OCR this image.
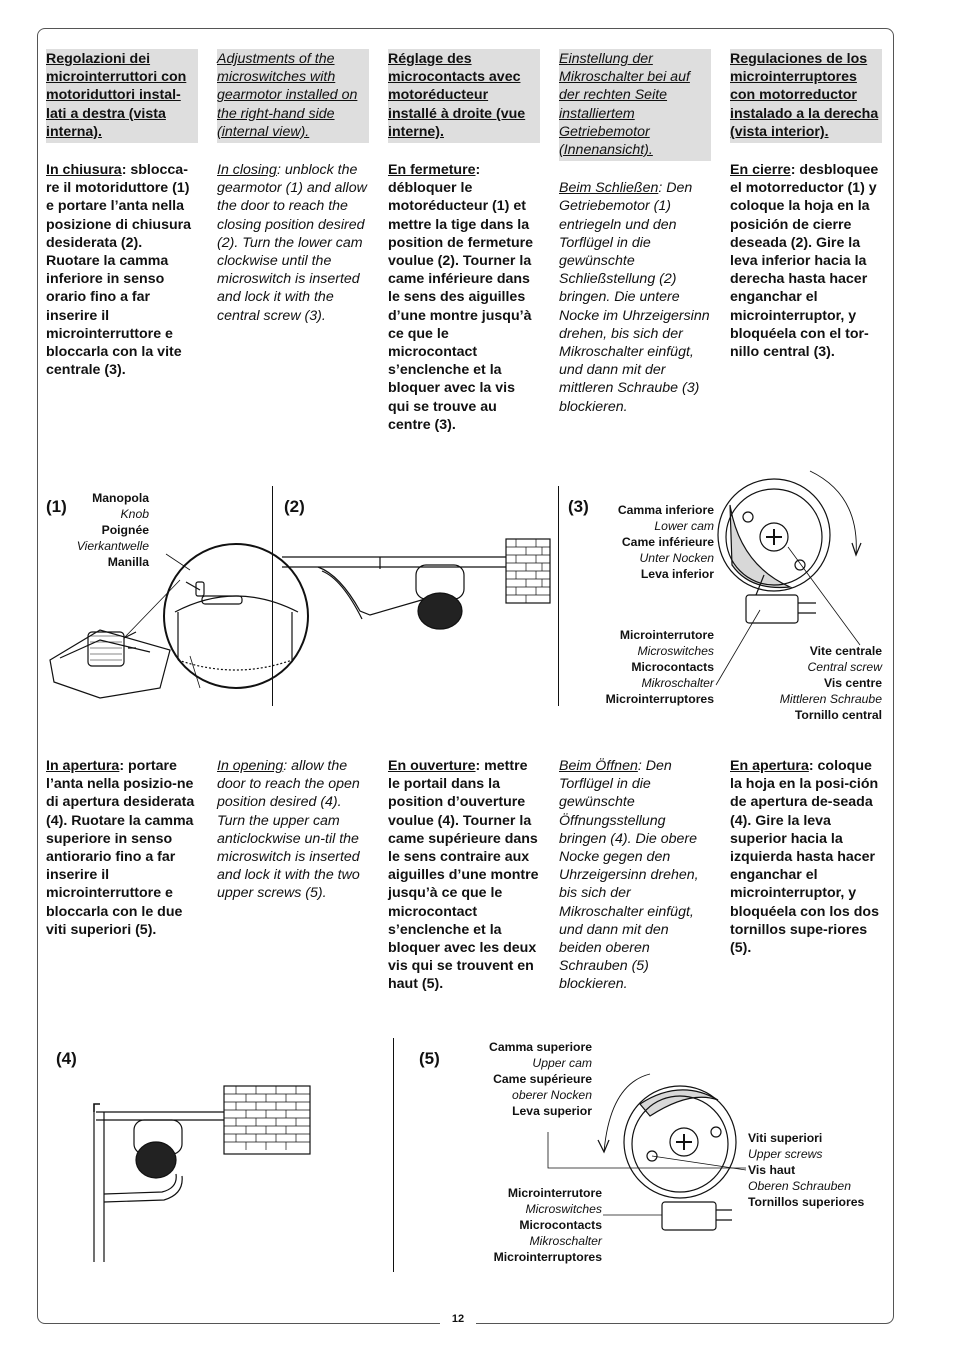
Regolazioni dei microinterruttori con motoriduttori instal-lati a destra (vista interna).

In chiusura: sblocca-re il motoriduttore (1) e portare l’anta nella posizione di chiusura desiderata (2). Ruotare la camma inferiore in senso orario fino a far inserire il microinterruttore e bloccarla con la vite centrale (3).

Adjustments of the microswitches with gearmotor installed on the right-hand side (internal view).

In closing: unblock the gearmotor (1) and allow the door to reach the closing position desired (2). Turn the lower cam clockwise until the microswitch is inserted and lock it with the central screw (3).

Réglage des microcontacts avec motoréducteur installé à droite (vue interne).

En fermeture: débloquer le motoréducteur (1) et mettre la tige dans la position de fermeture voulue (2). Tourner la came inférieure dans le sens des aiguilles d’une montre jusqu’à ce que le microcontact s’enclenche et la bloquer avec la vis qui se trouve au centre (3).

Einstellung der Mikroschalter bei auf der rechten Seite installiertem Getriebemotor (Innenansicht).

Beim Schließen: Den Getriebemotor (1) entriegeln und den Torflügel in die gewünschte Schließstellung (2) bringen. Die untere Nocke im Uhrzeigersinn drehen, bis sich der Mikroschalter einfügt, und dann mit der mittleren Schraube (3) blockieren.

Regulaciones de los microinterruptores con motorreductor instalado a la derecha (vista interior).

En cierre: desbloquee el motorreductor (1) y coloque la hoja en la posición de cierre deseada (2). Gire la leva inferior hacia la derecha hasta hacer enganchar el microinterruptor, y bloquéela con el tor-nillo central (3).

(1)	Manopola
Knob
Poignée
Vierkantwelle
Manilla
(2)	(3)	Camma inferiore
Lower cam
Came inférieure
Unter Nocken
Leva inferior
Microinterrutore
Microswitches
Microcontacts
Mikroschalter
Microinterruptores
Vite centrale
Central screw
Vis centre
Mittleren Schraube
Tornillo central

In apertura: portare l’anta nella posizio-ne di apertura desiderata (4). Ruotare la camma superiore in senso antiorario fino a far inserire il microinterruttore e bloccarla con le due viti superiori (5).

In opening: allow the door to reach the open position desired (4). Turn the upper cam anticlockwise un-til the microswitch is inserted and lock it with the two upper screws (5).

En ouverture: mettre le portail dans la position d’ouverture voulue (4). Tourner la came supérieure dans le sens contraire aux aiguilles d’une montre jusqu’à ce que le microcontact s’enclenche et la bloquer avec les deux vis qui se trouvent en haut (5).

Beim Öffnen: Den Torflügel in die gewünschte Öffnungsstellung bringen (4). Die obere Nocke gegen den Uhrzeigersinn drehen, bis sich der Mikroschalter einfügt, und dann mit den beiden oberen Schrauben (5) blockieren.

En apertura: coloque la hoja en la posi-ción de apertura de-seada (4). Gire la leva superior hacia la izquierda hasta hacer enganchar el microinterruptor, y bloquéela con los dos tornillos supe-riores (5).

(4)	(5)
Camma superiore
Upper cam
Came supérieure
oberer Nocken
Leva superior
Viti superiori
Upper screws
Vis haut
Oberen Schrauben
Tornillos superiores
Microinterrutore
Microswitches
Microcontacts
Mikroschalter
Microinterruptores
12
